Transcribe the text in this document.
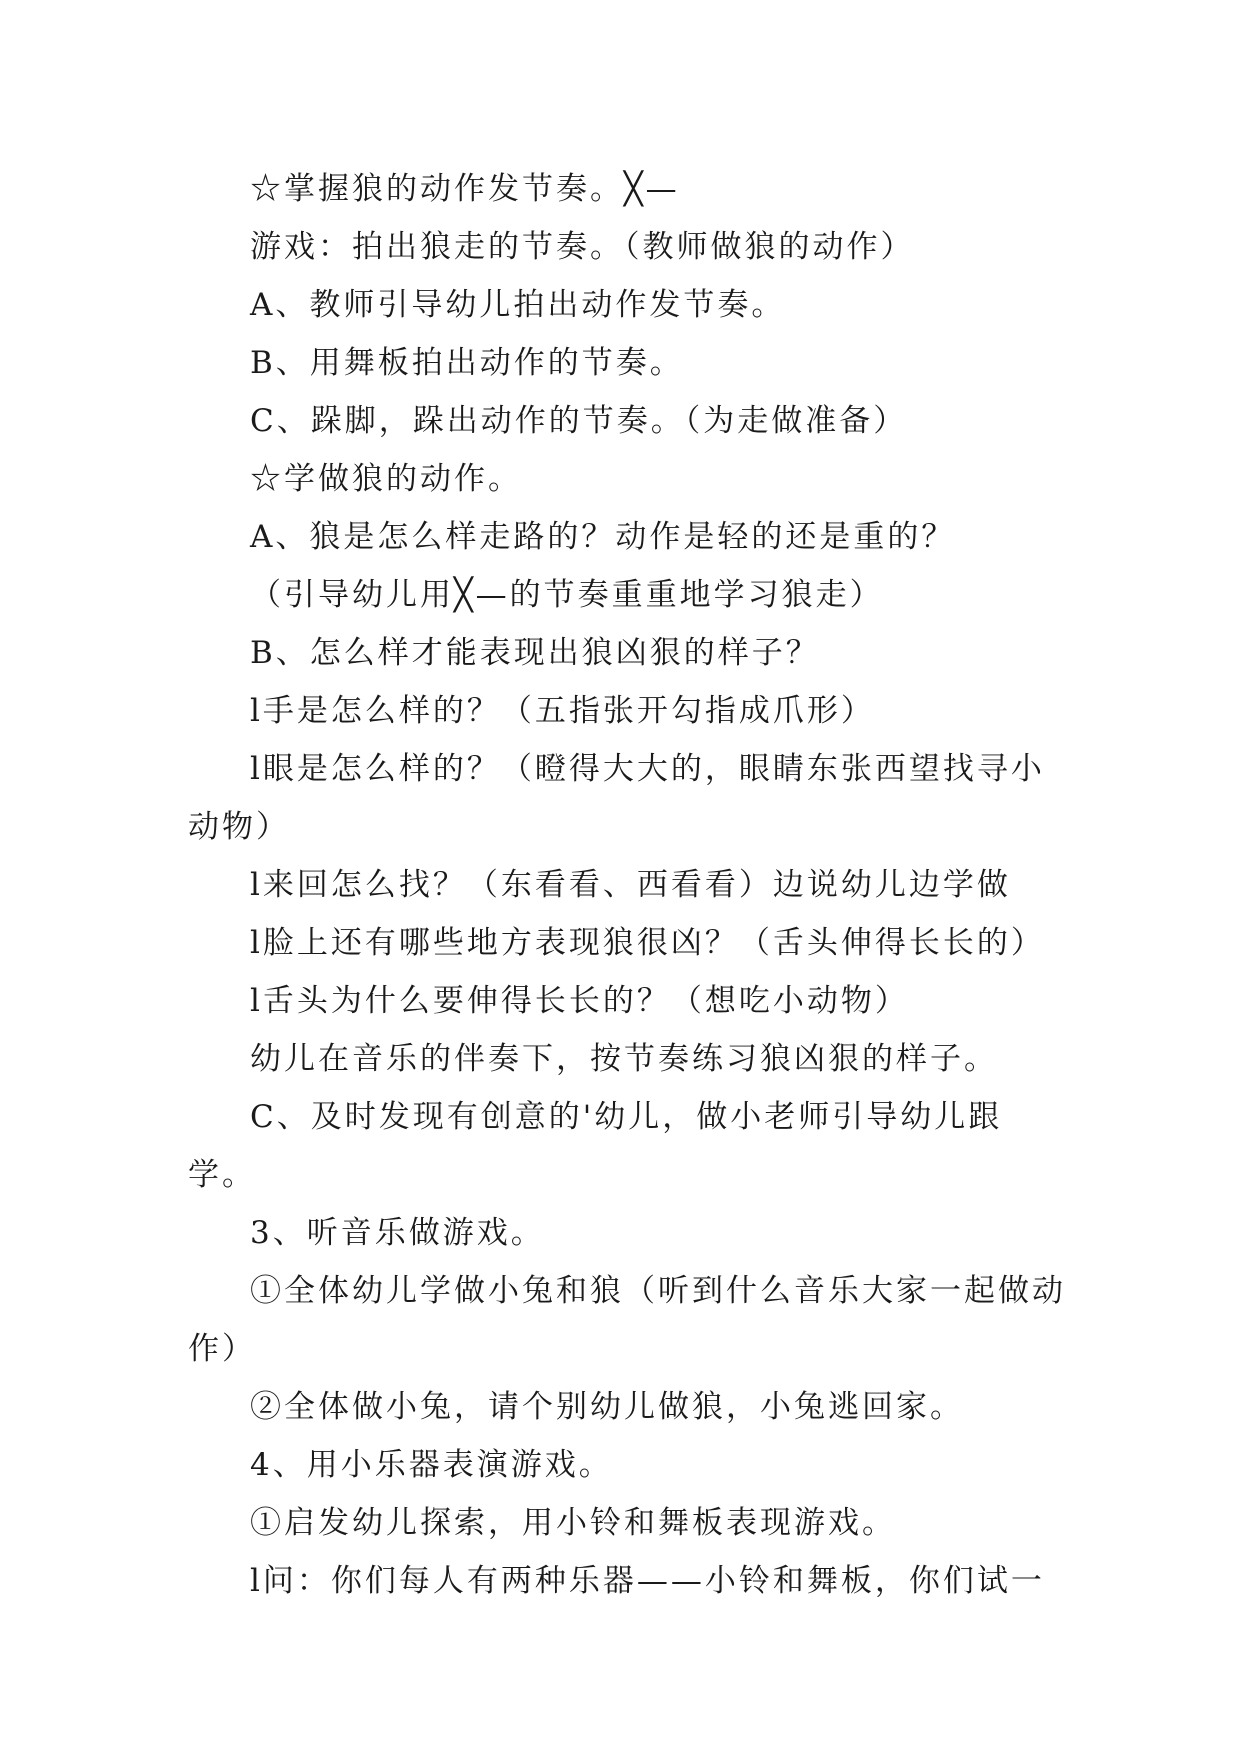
☆掌握狼的动作发节奏。╳—

游戏：拍出狼走的节奏。（教师做狼的动作）

A、教师引导幼儿拍出动作发节奏。

B、用舞板拍出动作的节奏。

C、跺脚，跺出动作的节奏。（为走做准备）

☆学做狼的动作。

A、狼是怎么样走路的？动作是轻的还是重的？

（引导幼儿用╳—的节奏重重地学习狼走）

B、怎么样才能表现出狼凶狠的样子？

l手是怎么样的？（五指张开勾指成爪形）

l眼是怎么样的？（瞪得大大的，眼睛东张西望找寻小动物）

l来回怎么找？（东看看、西看看）边说幼儿边学做

l脸上还有哪些地方表现狼很凶？（舌头伸得长长的）

l舌头为什么要伸得长长的？（想吃小动物）

幼儿在音乐的伴奏下，按节奏练习狼凶狠的样子。

C、及时发现有创意的'幼儿，做小老师引导幼儿跟学。

3、听音乐做游戏。

①全体幼儿学做小兔和狼（听到什么音乐大家一起做动作）

②全体做小兔，请个别幼儿做狼，小兔逃回家。

4、用小乐器表演游戏。

①启发幼儿探索，用小铃和舞板表现游戏。

l问：你们每人有两种乐器——小铃和舞板，你们试一
